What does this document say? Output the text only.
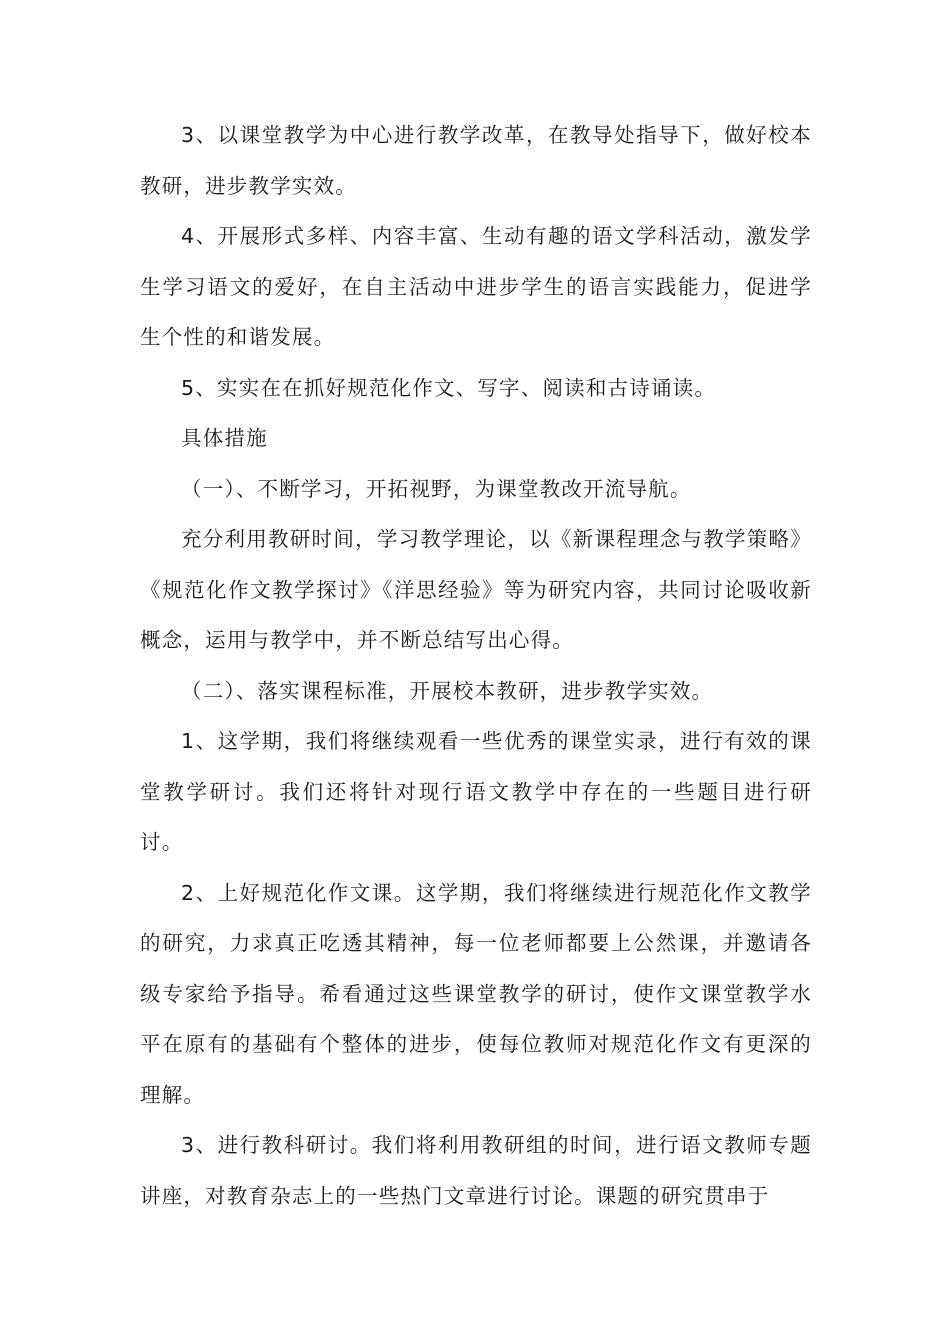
3、以课堂教学为中心进行教学改革，在教导处指导下，做好校本教研，进步教学实效。

4、开展形式多样、内容丰富、生动有趣的语文学科活动，激发学生学习语文的爱好，在自主活动中进步学生的语言实践能力，促进学生个性的和谐发展。

5、实实在在抓好规范化作文、写字、阅读和古诗诵读。

具体措施

（一）、不断学习，开拓视野，为课堂教改开流导航。

充分利用教研时间，学习教学理论，以《新课程理念与教学策略》《规范化作文教学探讨》《洋思经验》等为研究内容，共同讨论吸收新概念，运用与教学中，并不断总结写出心得。

（二）、落实课程标准，开展校本教研，进步教学实效。

1、这学期，我们将继续观看一些优秀的课堂实录，进行有效的课堂教学研讨。我们还将针对现行语文教学中存在的一些题目进行研讨。

2、上好规范化作文课。这学期，我们将继续进行规范化作文教学的研究，力求真正吃透其精神，每一位老师都要上公然课，并邀请各级专家给予指导。希看通过这些课堂教学的研讨，使作文课堂教学水平在原有的基础有个整体的进步，使每位教师对规范化作文有更深的理解。

3、进行教科研讨。我们将利用教研组的时间，进行语文教师专题讲座，对教育杂志上的一些热门文章进行讨论。课题的研究贯串于
